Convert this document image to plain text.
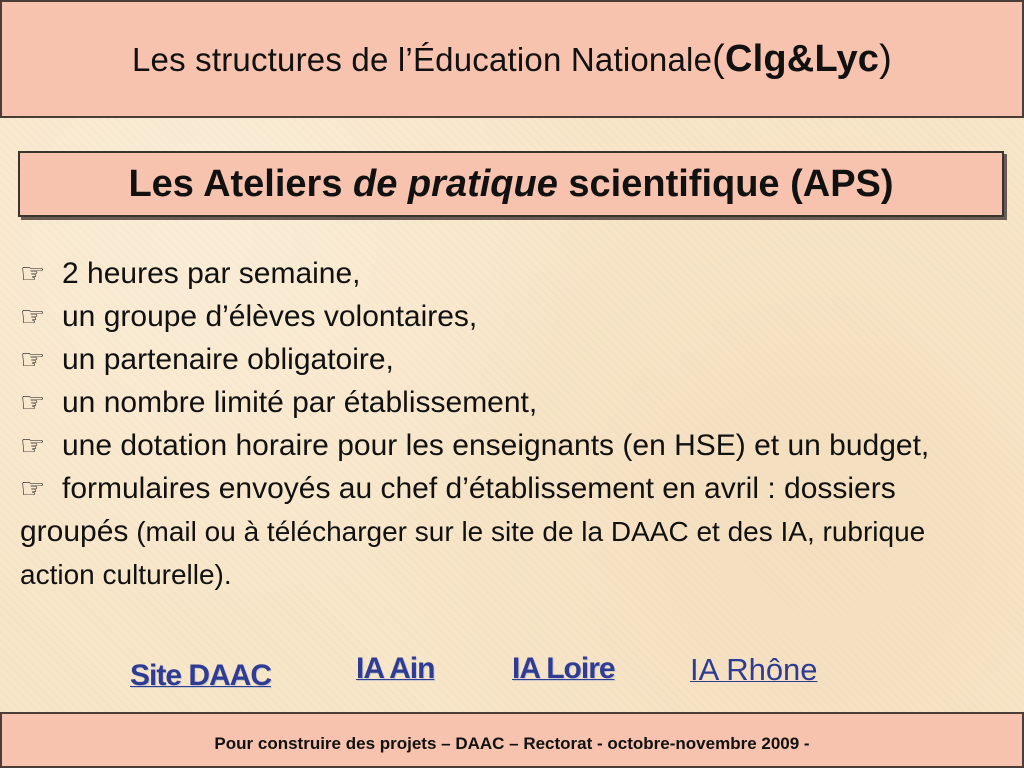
Les structures de l’Éducation Nationale(Clg&Lyc)
Les Ateliers de pratique scientifique (APS)
☞ 2 heures par semaine,
☞ un groupe d’élèves volontaires,
☞ un partenaire obligatoire,
☞ un nombre limité par établissement,
☞ une dotation horaire pour les enseignants (en HSE) et un budget,
☞ formulaires envoyés au chef d’établissement en avril : dossiers groupés (mail ou à télécharger sur le site de la DAAC et des IA, rubrique action culturelle).
Site DAAC	IA Ain	IA Loire IA Rhône
Pour construire des projets – DAAC – Rectorat - octobre-novembre 2009 -
